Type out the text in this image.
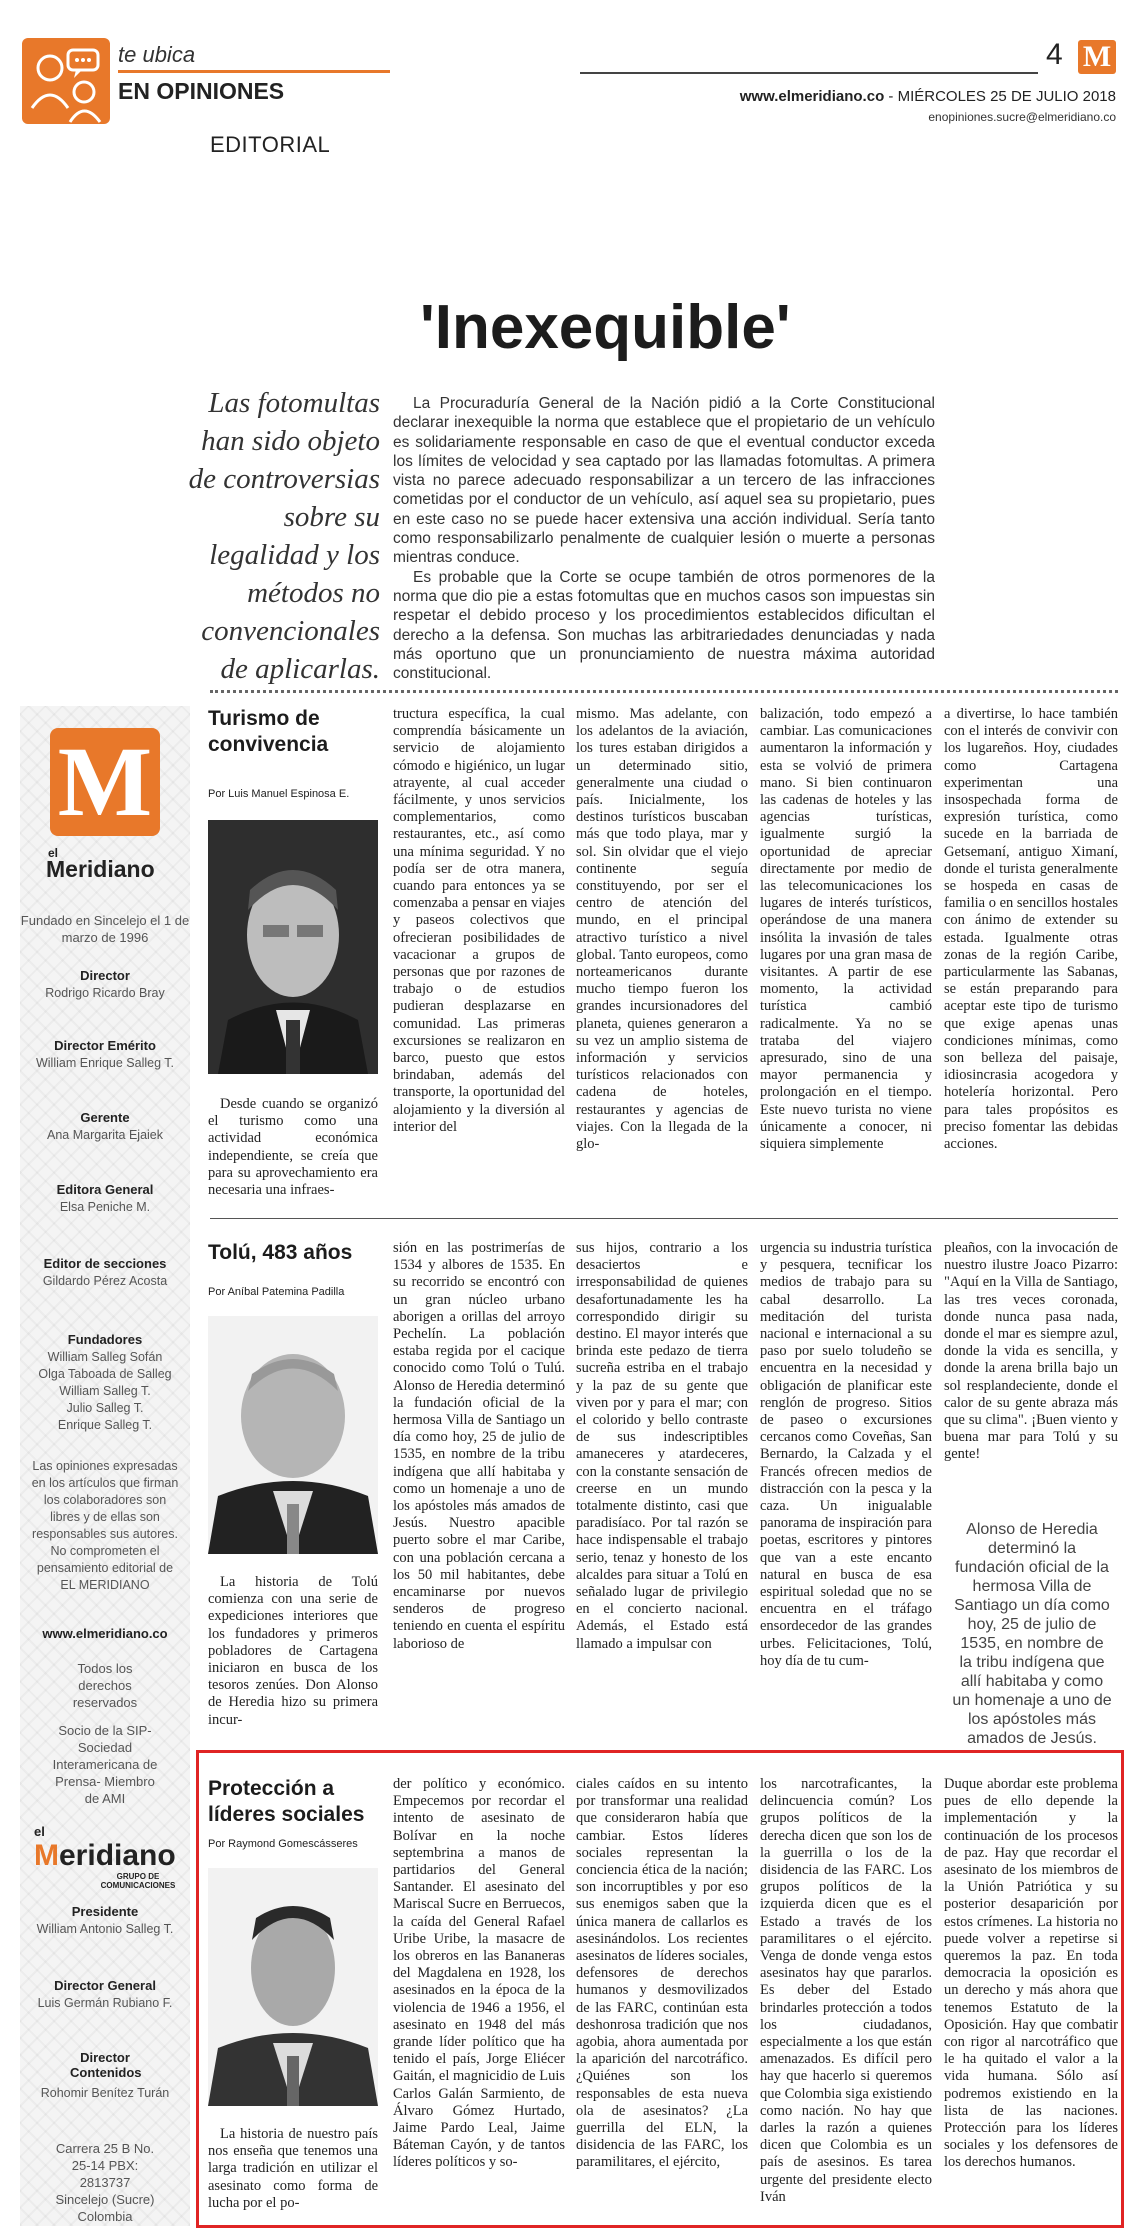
te ubica
EN OPINIONES
EDITORIAL
4 M
www.elmeridiano.co - MIÉRCOLES 25 DE JULIO 2018
enopiniones.sucre@elmeridiano.co
'Inexequible'
Las fotomultas han sido objeto de controversias sobre su legalidad y los métodos no convencionales de aplicarlas.

La Procuraduría General de la Nación pidió a la Corte Constitucional declarar inexequible la norma que establece que el propietario de un vehículo es solidariamente responsable en caso de que el eventual conductor exceda los límites de velocidad y sea captado por las llamadas fotomultas. A primera vista no parece adecuado responsabilizar a un tercero de las infracciones cometidas por el conductor de un vehículo, así aquel sea su propietario, pues en este caso no se puede hacer extensiva una acción individual. Sería tanto como responsabilizarlo penalmente de cualquier lesión o muerte a personas mientras conduce.

Es probable que la Corte se ocupe también de otros pormenores de la norma que dio pie a estas fotomultas que en muchos casos son impuestas sin respetar el debido proceso y los procedimientos establecidos dificultan el derecho a la defensa. Son muchas las arbitrariedades denunciadas y nada más oportuno que un pronunciamiento de nuestra máxima autoridad constitucional.

M
el
Meridiano
Fundado en Sincelejo el 1 de marzo de 1996
Director
Rodrigo Ricardo Bray
Director Emérito
William Enrique Salleg T.
Gerente
Ana Margarita Ejaiek
Editora General
Elsa Peniche M.
Editor de secciones
Gildardo Pérez Acosta
Fundadores
William Salleg Sofán
Olga Taboada de Salleg
William Salleg T.
Julio Salleg T.
Enrique Salleg T.
Las opiniones expresadas en los artículos que firman los colaboradores son libres y de ellas son responsables sus autores. No comprometen el pensamiento editorial de EL MERIDIANO
www.elmeridiano.co
Todos los derechos reservados
Socio de la SIP-Sociedad Interamericana de Prensa- Miembro de AMI
el
Meridiano
GRUPO DE COMUNICACIONES
Presidente
William Antonio Salleg T.
Director General
Luis Germán Rubiano F.
Director Contenidos
Rohomir Benítez Turán
Carrera 25 B No. 25-14 PBX: 2813737 Sincelejo (Sucre) Colombia
Turismo de convivencia
Por Luis Manuel Espinosa E.
Desde cuando se organizó el turismo como una actividad económica independiente, se creía que para su aprovechamiento era necesaria una infraes-
tructura específica, la cual comprendía básicamente un servicio de alojamiento cómodo e higiénico, un lugar atrayente, al cual acceder fácilmente, y unos servicios complementarios, como restaurantes, etc., así como una mínima seguridad. Y no podía ser de otra manera, cuando para entonces ya se comenzaba a pensar en viajes y paseos colectivos que ofrecieran posibilidades de vacacionar a grupos de personas que por razones de trabajo o de estudios pudieran desplazarse en comunidad. Las primeras excursiones se realizaron en barco, puesto que estos brindaban, además del transporte, la oportunidad del alojamiento y la diversión al interior del
mismo. Mas adelante, con los adelantos de la aviación, los tures estaban dirigidos a un determinado sitio, generalmente una ciudad o país. Inicialmente, los destinos turísticos buscaban más que todo playa, mar y sol. Sin olvidar que el viejo continente seguía constituyendo, por ser el centro de atención del mundo, en el principal atractivo turístico a nivel global. Tanto europeos, como norteamericanos durante mucho tiempo fueron los grandes incursionadores del planeta, quienes generaron a su vez un amplio sistema de información y servicios turísticos relacionados con cadena de hoteles, restaurantes y agencias de viajes. Con la llegada de la glo-
balización, todo empezó a cambiar. Las comunicaciones aumentaron la información y esta se volvió de primera mano. Si bien continuaron las cadenas de hoteles y las agencias turísticas, igualmente surgió la oportunidad de apreciar directamente por medio de las telecomunicaciones los lugares de interés turísticos, operándose de una manera insólita la invasión de tales lugares por una gran masa de visitantes. A partir de ese momento, la actividad turística cambió radicalmente. Ya no se trataba del viajero apresurado, sino de una mayor permanencia y prolongación en el tiempo. Este nuevo turista no viene únicamente a conocer, ni siquiera simplemente
a divertirse, lo hace también con el interés de convivir con los lugareños. Hoy, ciudades como Cartagena experimentan una insospechada forma de expresión turística, como sucede en la barriada de Getsemaní, antiguo Ximaní, donde el turista generalmente se hospeda en casas de familia o en sencillos hostales con ánimo de extender su estada. Igualmente otras zonas de la región Caribe, particularmente las Sabanas, se están preparando para aceptar este tipo de turismo que exige apenas unas condiciones mínimas, como son belleza del paisaje, idiosincrasia acogedora y hotelería horizontal. Pero para tales propósitos es preciso fomentar las debidas acciones.
Tolú, 483 años
Por Aníbal Patemina Padilla
La historia de Tolú comienza con una serie de expediciones interiores que los fundadores y primeros pobladores de Cartagena iniciaron en busca de los tesoros zenúes. Don Alonso de Heredia hizo su primera incur-
sión en las postrimerías de 1534 y albores de 1535. En su recorrido se encontró con un gran núcleo urbano aborigen a orillas del arroyo Pechelín. La población estaba regida por el cacique conocido como Tolú o Tulú. Alonso de Heredia determinó la fundación oficial de la hermosa Villa de Santiago un día como hoy, 25 de julio de 1535, en nombre de la tribu indígena que allí habitaba y como un homenaje a uno de los apóstoles más amados de Jesús. Nuestro apacible puerto sobre el mar Caribe, con una población cercana a los 50 mil habitantes, debe encaminarse por nuevos senderos de progreso teniendo en cuenta el espíritu laborioso de
sus hijos, contrario a los desaciertos e irresponsabilidad de quienes desafortunadamente les ha correspondido dirigir su destino. El mayor interés que brinda este pedazo de tierra sucreña estriba en el trabajo y la paz de su gente que viven por y para el mar; con el colorido y bello contraste de sus indescriptibles amaneceres y atardeceres, con la constante sensación de creerse en un mundo totalmente distinto, casi que paradisíaco. Por tal razón se hace indispensable el trabajo serio, tenaz y honesto de los alcaldes para situar a Tolú en señalado lugar de privilegio en el concierto nacional. Además, el Estado está llamado a impulsar con
urgencia su industria turística y pesquera, tecnificar los medios de trabajo para su cabal desarrollo. La meditación del turista nacional e internacional a su paso por suelo toludeño se encuentra en la necesidad y obligación de planificar este renglón de progreso. Sitios de paseo o excursiones cercanos como Coveñas, San Bernardo, la Calzada y el Francés ofrecen medios de distracción con la pesca y la caza. Un inigualable panorama de inspiración para poetas, escritores y pintores que van a este encanto natural en busca de esa espiritual soledad que no se encuentra en el tráfago ensordecedor de las grandes urbes. Felicitaciones, Tolú, hoy día de tu cum-
pleaños, con la invocación de nuestro ilustre Joaco Pizarro: "Aquí en la Villa de Santiago, las tres veces coronada, donde nunca pasa nada, donde el mar es siempre azul, donde la vida es sencilla, y donde la arena brilla bajo un sol resplandeciente, donde el calor de su gente abraza más que su clima". ¡Buen viento y buena mar para Tolú y su gente!
Alonso de Heredia determinó la fundación oficial de la hermosa Villa de Santiago un día como hoy, 25 de julio de 1535, en nombre de la tribu indígena que allí habitaba y como un homenaje a uno de los apóstoles más amados de Jesús.
Protección a líderes sociales
Por Raymond Gomescásseres
La historia de nuestro país nos enseña que tenemos una larga tradición en utilizar el asesinato como forma de lucha por el po-
der político y económico. Empecemos por recordar el intento de asesinato de Bolívar en la noche septembrina a manos de partidarios del General Santander. El asesinato del Mariscal Sucre en Berruecos, la caída del General Rafael Uribe Uribe, la masacre de los obreros en las Bananeras del Magdalena en 1928, los asesinados en la época de la violencia de 1946 a 1956, el asesinato en 1948 del más grande líder político que ha tenido el país, Jorge Eliécer Gaitán, el magnicidio de Luis Carlos Galán Sarmiento, de Álvaro Gómez Hurtado, Jaime Pardo Leal, Jaime Báteman Cayón, y de tantos líderes políticos y so-
ciales caídos en su intento por transformar una realidad que consideraron había que cambiar. Estos líderes sociales representan la conciencia ética de la nación; son incorruptibles y por eso sus enemigos saben que la única manera de callarlos es asesinándolos. Los recientes asesinatos de líderes sociales, defensores de derechos humanos y desmovilizados de las FARC, continúan esta deshonrosa tradición que nos agobia, ahora aumentada por la aparición del narcotráfico. ¿Quiénes son los responsables de esta nueva ola de asesinatos? ¿La guerrilla del ELN, la disidencia de las FARC, los paramilitares, el ejército,
los narcotraficantes, la delincuencia común? Los grupos políticos de la derecha dicen que son los de la guerrilla o los de la disidencia de las FARC. Los grupos políticos de la izquierda dicen que es el Estado a través de los paramilitares o el ejército. Venga de donde venga estos asesinatos hay que pararlos. Es deber del Estado brindarles protección a todos los ciudadanos, especialmente a los que están amenazados. Es difícil pero hay que hacerlo si queremos que Colombia siga existiendo como nación. No hay que darles la razón a quienes dicen que Colombia es un país de asesinos. Es tarea urgente del presidente electo Iván
Duque abordar este problema pues de ello depende la implementación y la continuación de los procesos de paz. Hay que recordar el asesinato de los miembros de la Unión Patriótica y su posterior desaparición por estos crímenes. La historia no puede volver a repetirse si queremos la paz. En toda democracia la oposición es un derecho y más ahora que tenemos Estatuto de la Oposición. Hay que combatir con rigor al narcotráfico que le ha quitado el valor a la vida humana. Sólo así podremos existiendo en la lista de las naciones. Protección para los líderes sociales y los defensores de los derechos humanos.
